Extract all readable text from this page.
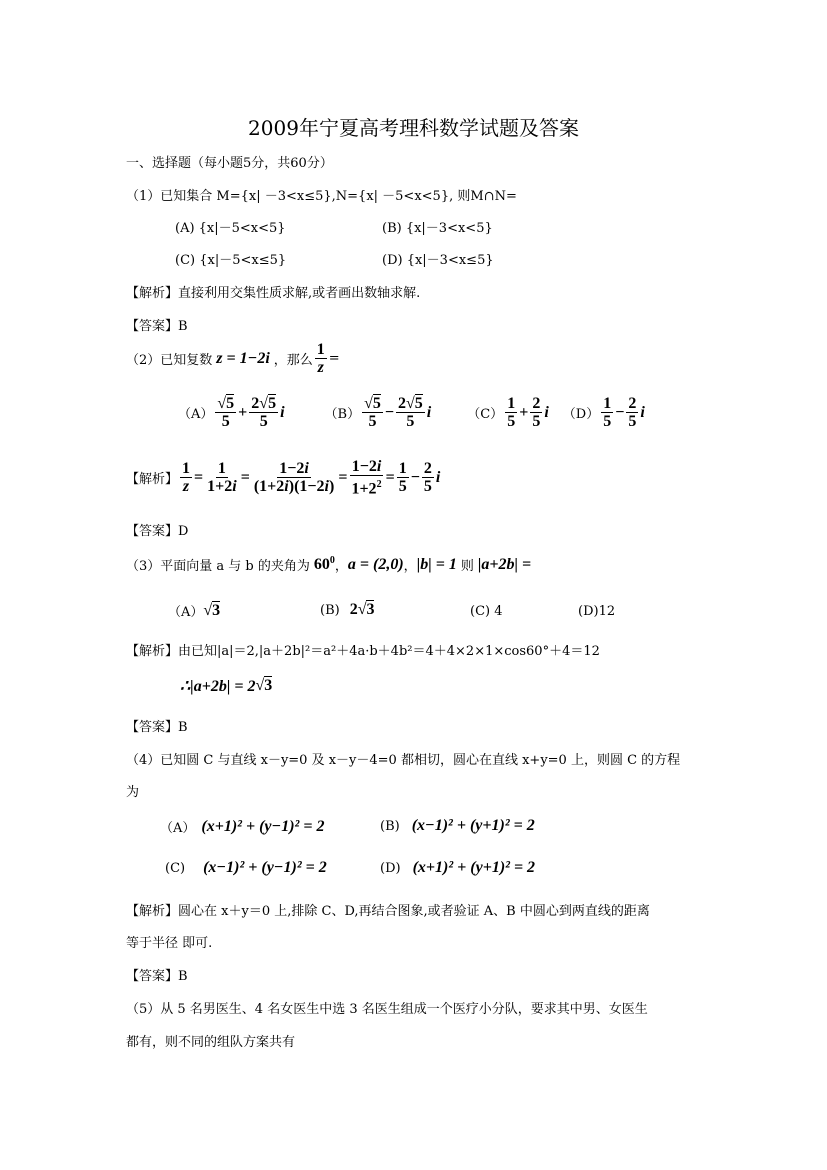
2009年宁夏高考理科数学试题及答案
一、选择题（每小题5分，共60分）
（1）已知集合 M={x| －3<x≤5},N={x| －5<x<5}, 则M∩N=
(A) {x|－5<x<5}	(B) {x|－3<x<5}
(C) {x|－5<x≤5}	(D) {x|－3<x≤5}
【解析】直接利用交集性质求解,或者画出数轴求解.
【答案】B
（2）已知复数 z = 1−2i ，那么 $\frac{1}{z}$ =
$(A) \frac{√5}{5} + \frac{2√5}{5}$ i	$(B) \frac{√5}{5} - \frac{2√5}{5}$ i	$(C) \frac{1}{5} + \frac{2}{5}$ i $(D) \frac{1}{5} - \frac{2}{5}$ i
【解析】 $\frac{1}{z} = \frac{1}{1+2i} = \frac{1-2i}{(1+2i)(1-2i)} = \frac{1-2i}{1+2^2} = \frac{1}{5} - \frac{2}{5}$ i
【答案】D
（3）平面向量 a 与 b 的夹角为 $60^0$ ， a = (2,0) ， |b| = 1 则 |a+2b| =
（A） √3	(B) 2 √3	(C) 4	(D)12
【解析】由已知|a|＝2,|a＋2b|²＝a²＋4a·b＋4b²＝4＋4×2×1×cos60°＋4＝12
∴|a+2b| = 2 √3
【答案】B
（4）已知圆 C 与直线 x－y=0 及 x－y－4=0 都相切，圆心在直线 x+y=0 上，则圆 C 的方程
为
（A） (x+1)² + (y−1)² = 2	(B) (x−1)² + (y+1)² = 2
(C) (x−1)² + (y−1)² = 2	(D) (x+1)² + (y+1)² = 2
【解析】圆心在 x＋y＝0 上,排除 C、D,再结合图象,或者验证 A、B 中圆心到两直线的距离
等于半径 即可.
【答案】B
（5）从 5 名男医生、4 名女医生中选 3 名医生组成一个医疗小分队，要求其中男、女医生
都有，则不同的组队方案共有
